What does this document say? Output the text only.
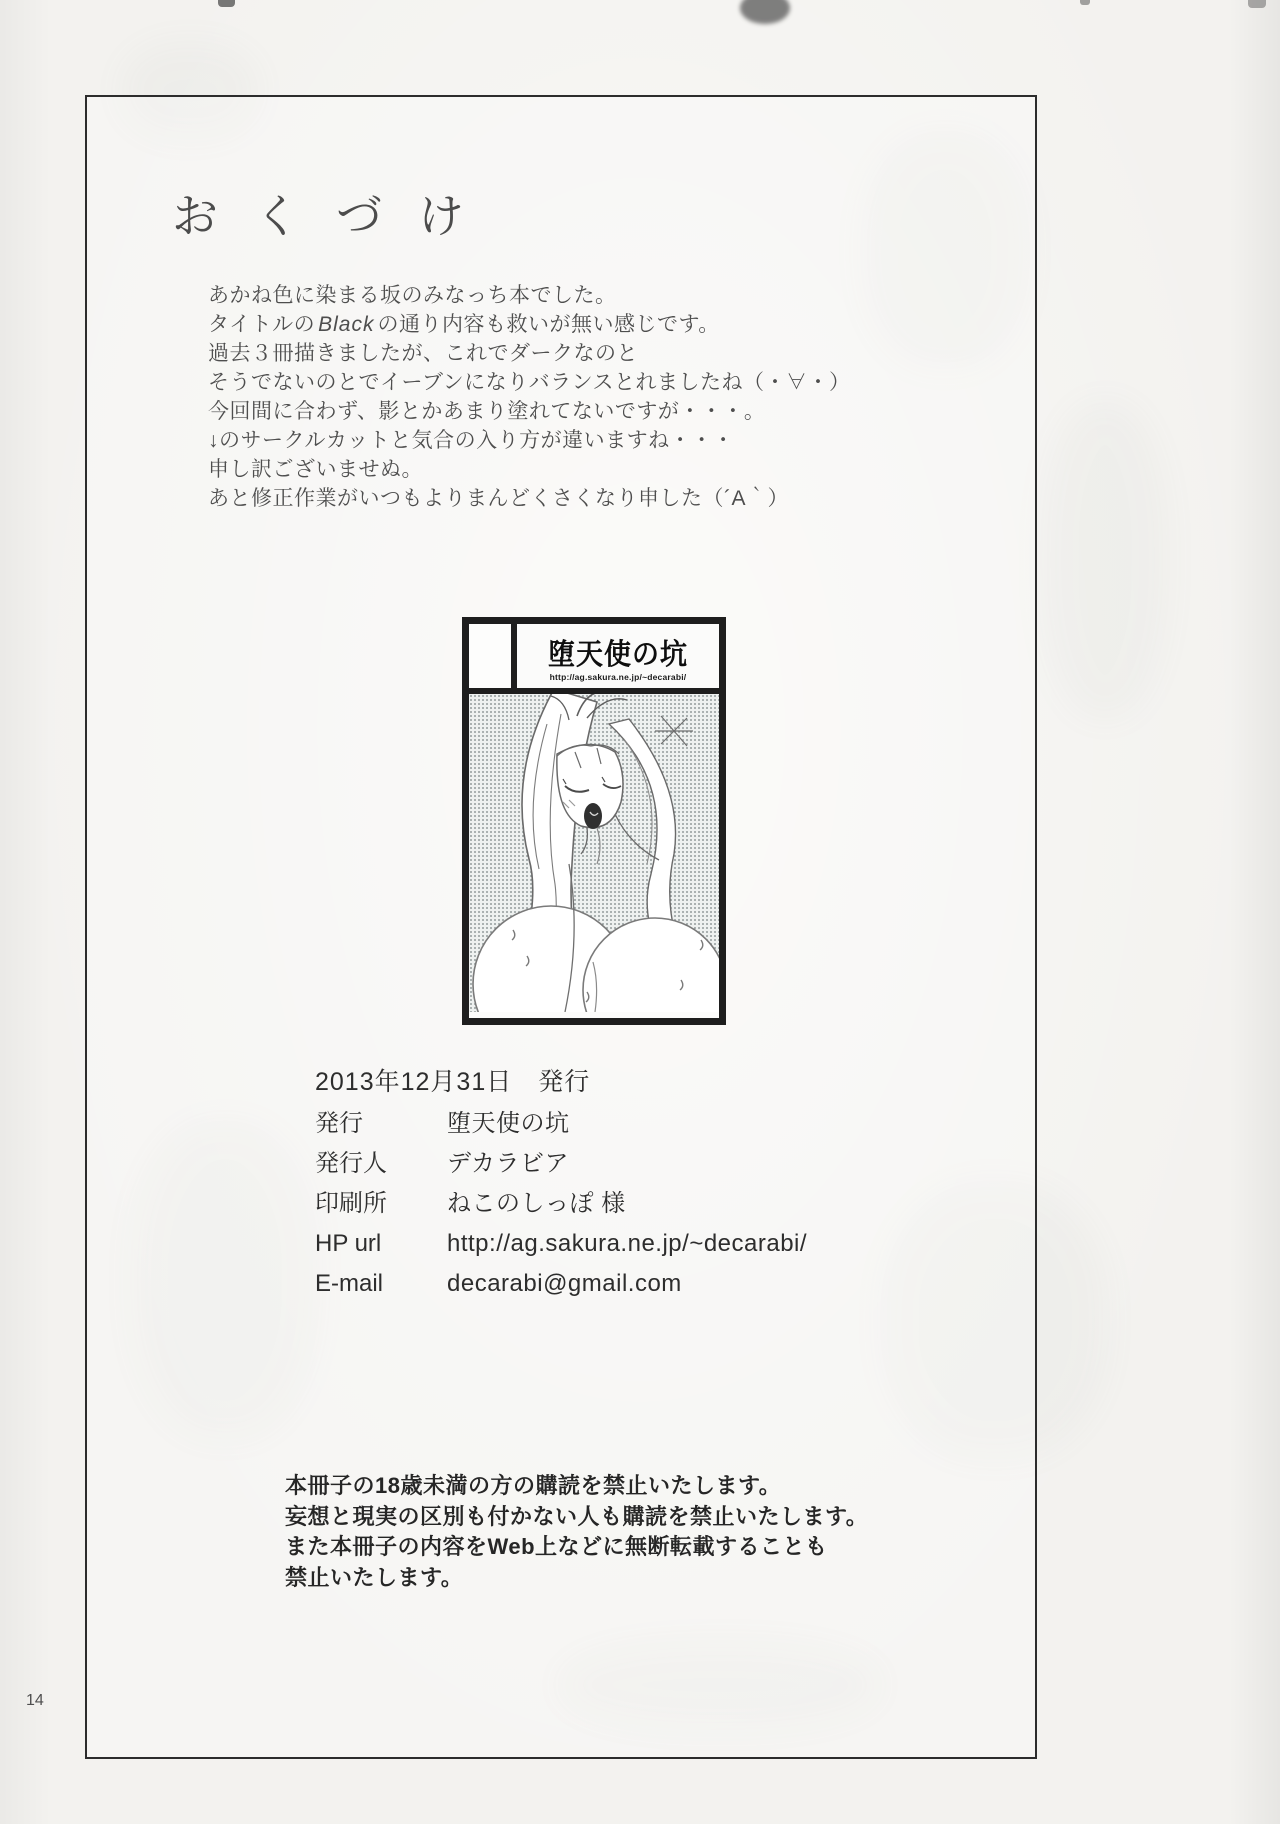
おくづけ
あかね色に染まる坂のみなっち本でした。
タイトルの Black の通り内容も救いが無い感じです。
過去３冊描きましたが、これでダークなのと
そうでないのとでイーブンになりバランスとれましたね（・∀・）
今回間に合わず、影とかあまり塗れてないですが・・・。
↓のサークルカットと気合の入り方が違いますね・・・
申し訳ございませぬ。
あと修正作業がいつもよりまんどくさくなり申した（´A｀）
堕天使の坑
http://ag.sakura.ne.jp/~decarabi/
2013年12月31日　発行
発行	堕天使の坑
発行人	デカラビア
印刷所	ねこのしっぽ 様
HP url	http://ag.sakura.ne.jp/~decarabi/
E-mail	decarabi@gmail.com
本冊子の18歳未満の方の購読を禁止いたします。
妄想と現実の区別も付かない人も購読を禁止いたします。
また本冊子の内容をWeb上などに無断転載することも
禁止いたします。
14
